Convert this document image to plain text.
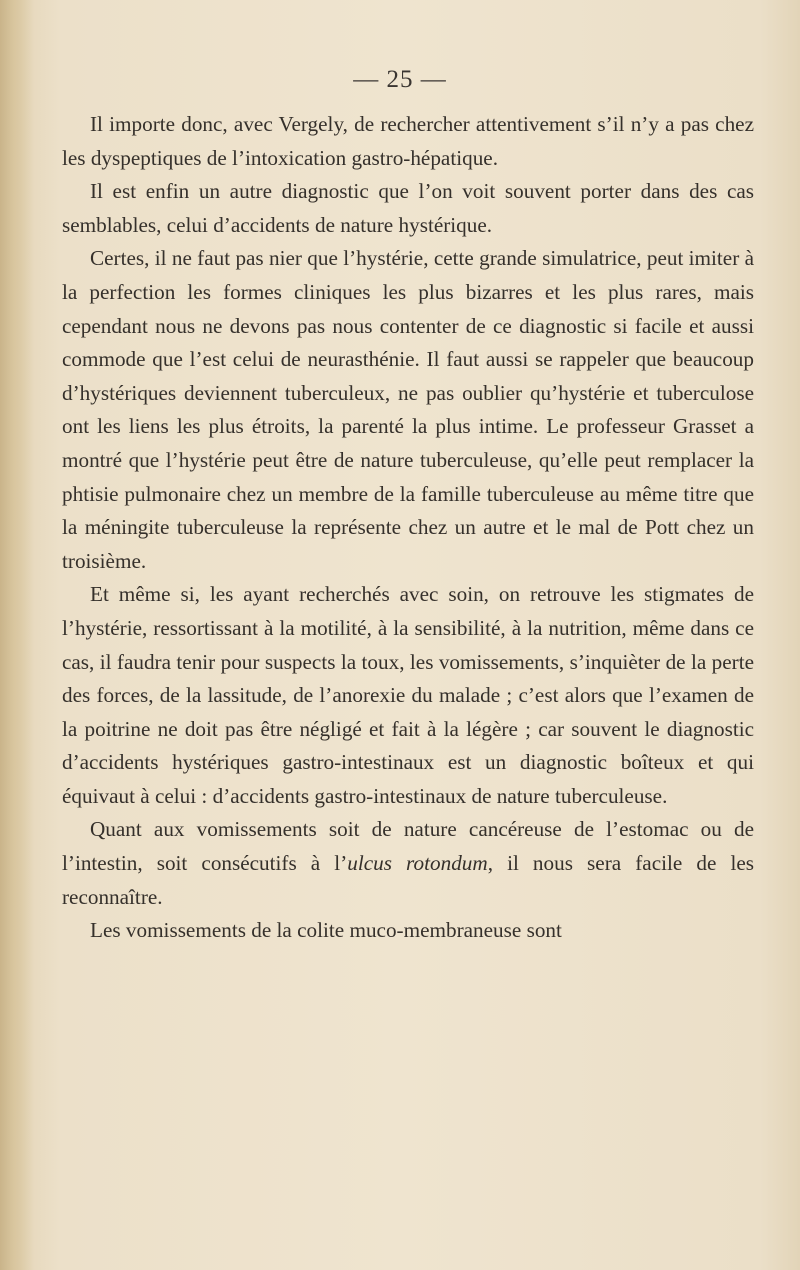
— 25 —

Il importe donc, avec Vergely, de rechercher attentivement s’il n’y a pas chez les dyspeptiques de l’intoxication gastro-hépatique.

Il est enfin un autre diagnostic que l’on voit souvent porter dans des cas semblables, celui d’accidents de nature hystérique.

Certes, il ne faut pas nier que l’hystérie, cette grande simulatrice, peut imiter à la perfection les formes cliniques les plus bizarres et les plus rares, mais cependant nous ne devons pas nous contenter de ce diagnostic si facile et aussi commode que l’est celui de neurasthénie. Il faut aussi se rappeler que beaucoup d’hystériques deviennent tuberculeux, ne pas oublier qu’hystérie et tuberculose ont les liens les plus étroits, la parenté la plus intime. Le professeur Grasset a montré que l’hystérie peut être de nature tuberculeuse, qu’elle peut remplacer la phtisie pulmonaire chez un membre de la famille tuberculeuse au même titre que la méningite tuberculeuse la représente chez un autre et le mal de Pott chez un troisième.

Et même si, les ayant recherchés avec soin, on retrouve les stigmates de l’hystérie, ressortissant à la motilité, à la sensibilité, à la nutrition, même dans ce cas, il faudra tenir pour suspects la toux, les vomissements, s’inquièter de la perte des forces, de la lassitude, de l’anorexie du malade ; c’est alors que l’examen de la poitrine ne doit pas être négligé et fait à la légère ; car souvent le diagnostic d’accidents hystériques gastro-intestinaux est un diagnostic boîteux et qui équivaut à celui : d’accidents gastro-intestinaux de nature tuberculeuse.

Quant aux vomissements soit de nature cancéreuse de l’estomac ou de l’intestin, soit consécutifs à l’ulcus rotondum, il nous sera facile de les reconnaître.

Les vomissements de la colite muco-membraneuse sont
